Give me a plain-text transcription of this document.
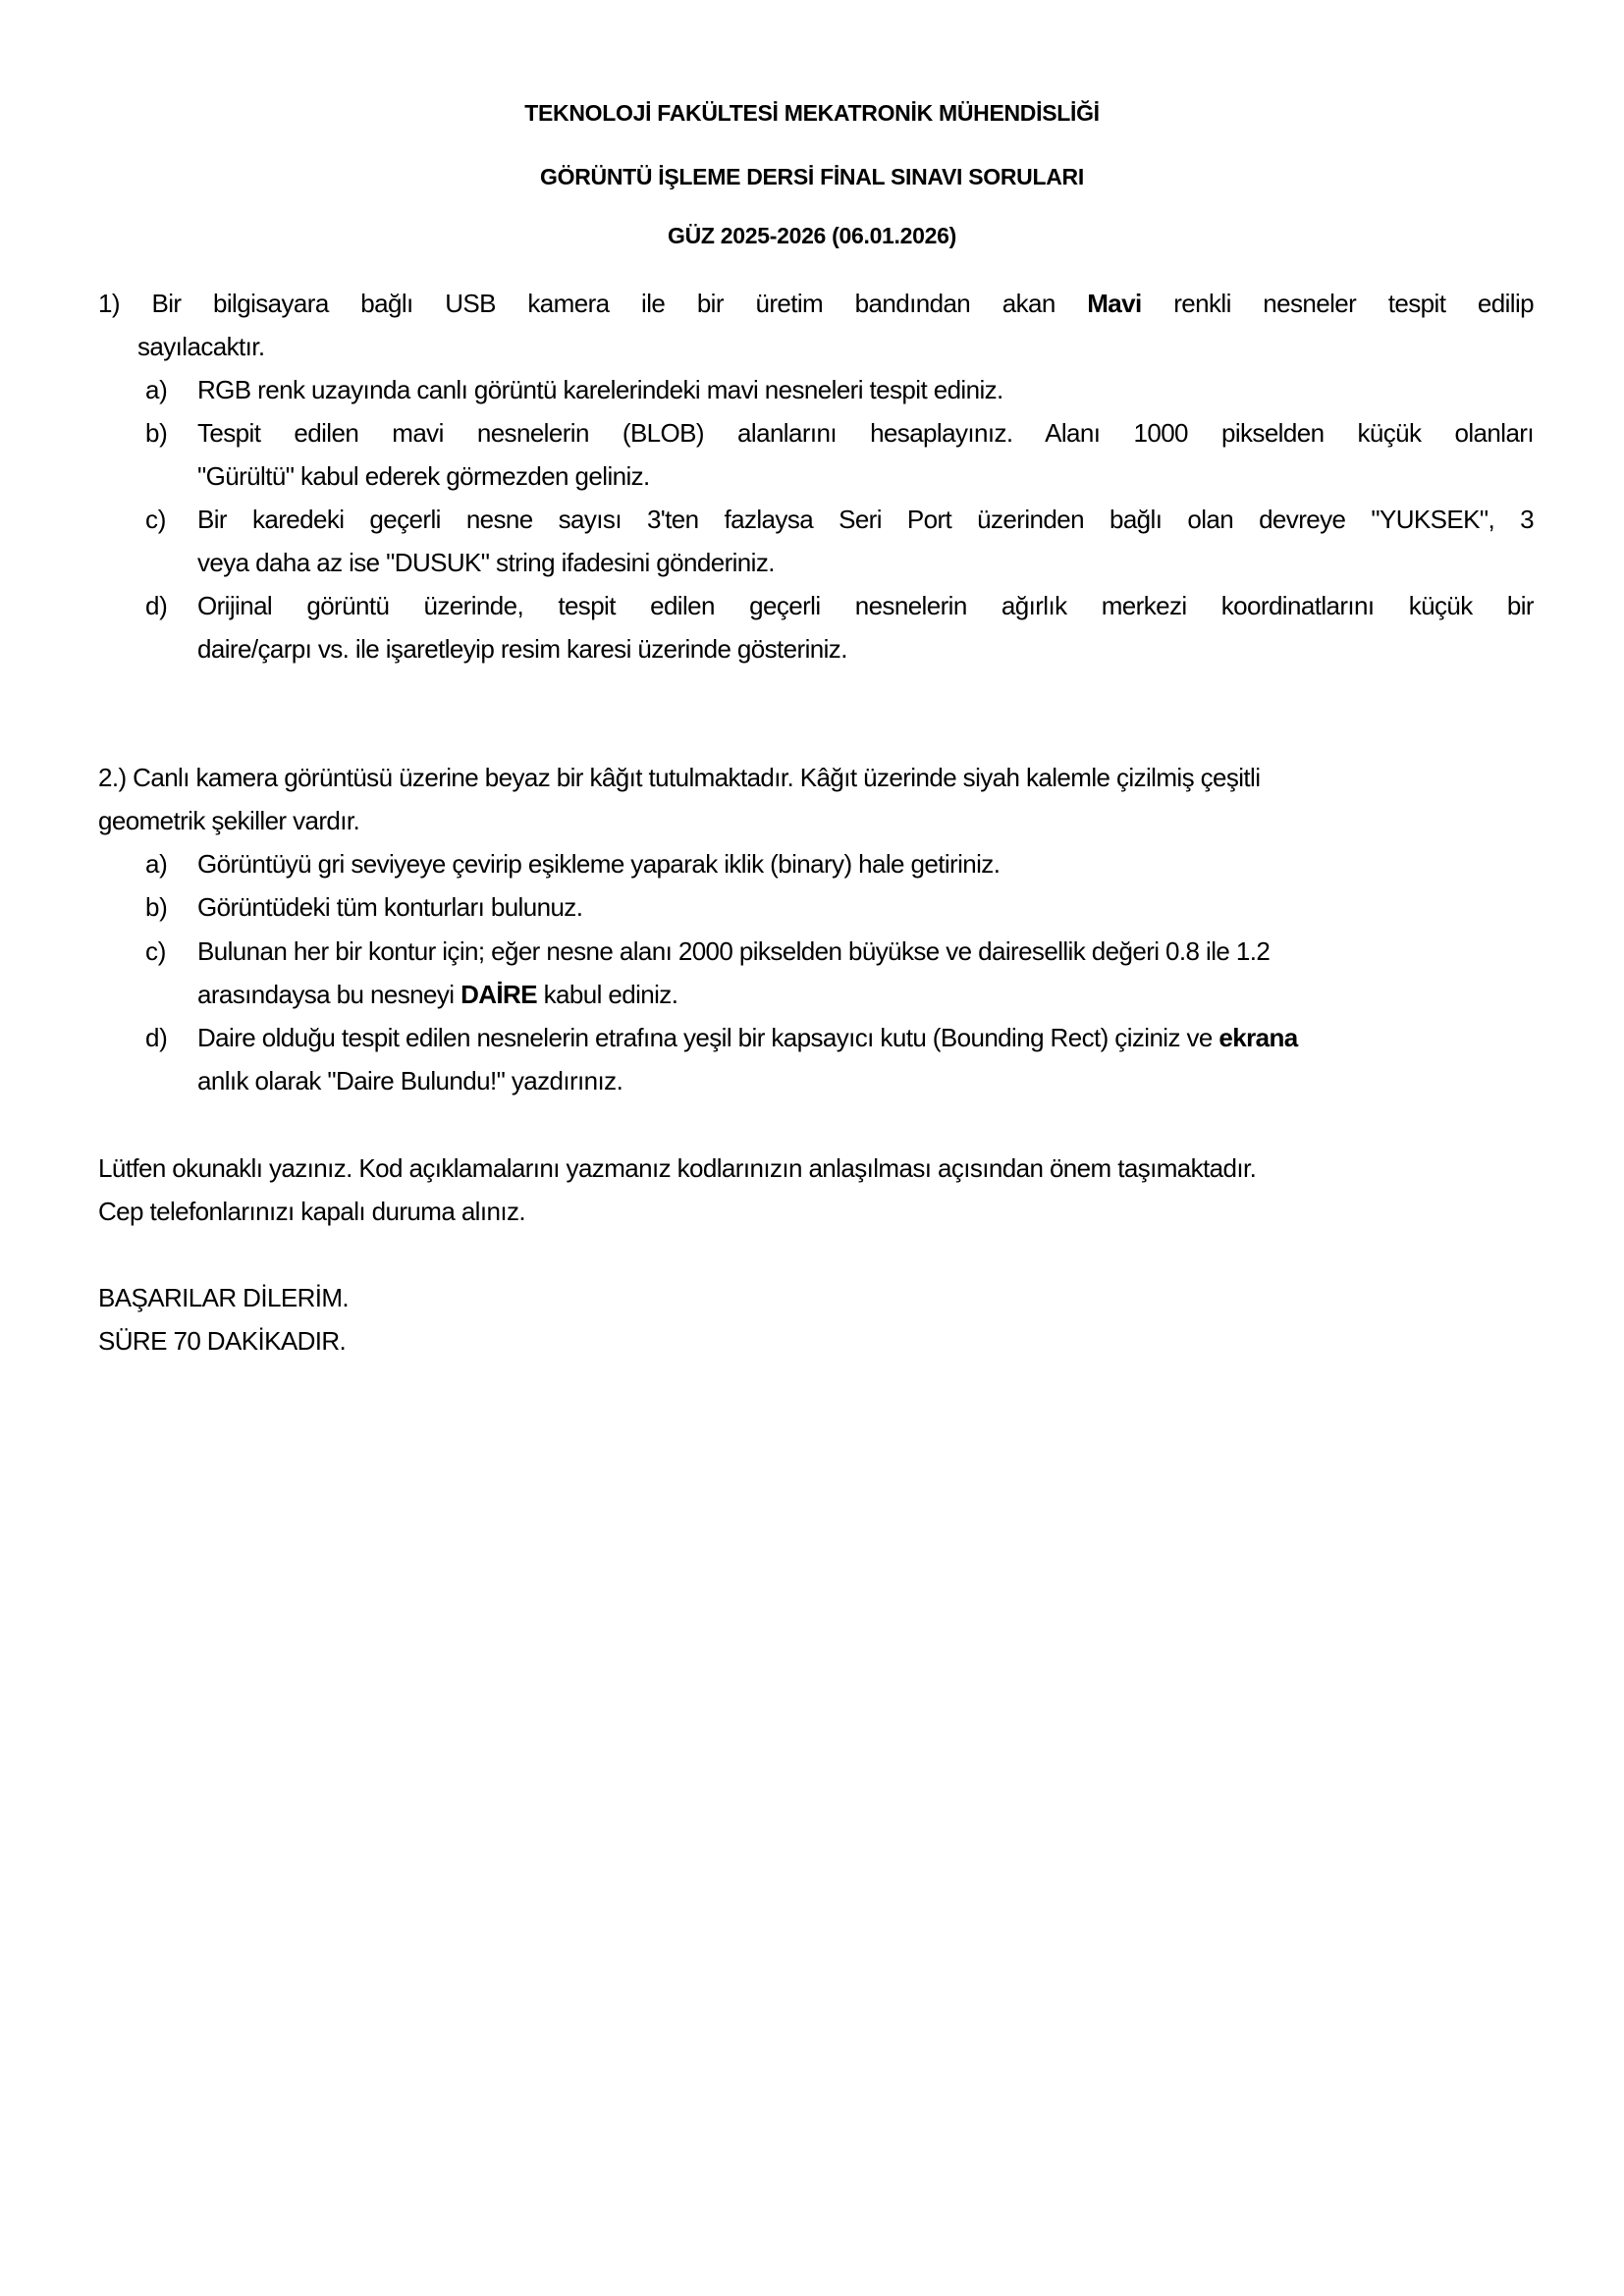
TEKNOLOJİ FAKÜLTESİ MEKATRONİK MÜHENDİSLİĞİ
GÖRÜNTÜ İŞLEME DERSİ FİNAL SINAVI SORULARI
GÜZ 2025-2026 (06.01.2026)
1) Bir bilgisayara bağlı USB kamera ile bir üretim bandından akan Mavi renkli nesneler tespit edilip
sayılacaktır.
a) RGB renk uzayında canlı görüntü karelerindeki mavi nesneleri tespit ediniz.
b) Tespit edilen mavi nesnelerin (BLOB) alanlarını hesaplayınız. Alanı 1000 pikselden küçük olanları
"Gürültü" kabul ederek görmezden geliniz.
c) Bir karedeki geçerli nesne sayısı 3'ten fazlaysa Seri Port üzerinden bağlı olan devreye "YUKSEK", 3
veya daha az ise "DUSUK" string ifadesini gönderiniz.
d) Orijinal görüntü üzerinde, tespit edilen geçerli nesnelerin ağırlık merkezi koordinatlarını küçük bir
daire/çarpı vs. ile işaretleyip resim karesi üzerinde gösteriniz.
2.) Canlı kamera görüntüsü üzerine beyaz bir kâğıt tutulmaktadır. Kâğıt üzerinde siyah kalemle çizilmiş çeşitli
geometrik şekiller vardır.
a) Görüntüyü gri seviyeye çevirip eşikleme yaparak iklik (binary) hale getiriniz.
b) Görüntüdeki tüm konturları bulunuz.
c) Bulunan her bir kontur için; eğer nesne alanı 2000 pikselden büyükse ve dairesellik değeri 0.8 ile 1.2
arasındaysa bu nesneyi DAİRE kabul ediniz.
d) Daire olduğu tespit edilen nesnelerin etrafına yeşil bir kapsayıcı kutu (Bounding Rect) çiziniz ve ekrana
anlık olarak "Daire Bulundu!" yazdırınız.
Lütfen okunaklı yazınız. Kod açıklamalarını yazmanız kodlarınızın anlaşılması açısından önem taşımaktadır.
Cep telefonlarınızı kapalı duruma alınız.
BAŞARILAR DİLERİM.
SÜRE 70 DAKİKADIR.
